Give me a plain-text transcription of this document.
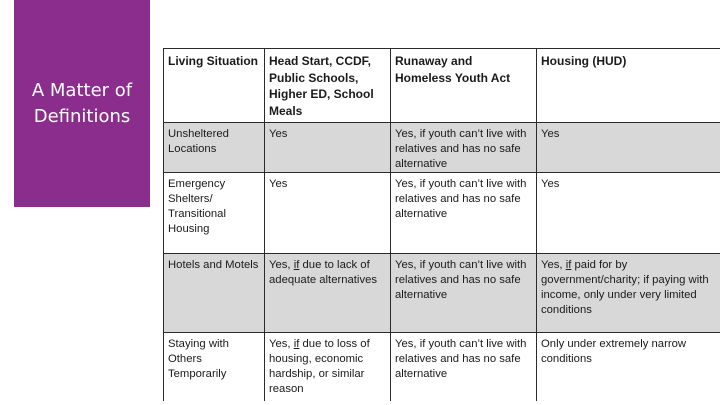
A Matter of
Definitions
Living Situation	Head Start, CCDF, Public Schools, Higher ED, School Meals	Runaway and Homeless Youth Act	Housing (HUD)
Unsheltered Locations	Yes	Yes, if youth can’t live with relatives and has no safe alternative	Yes
Emergency Shelters/ Transitional Housing	Yes	Yes, if youth can’t live with relatives and has no safe alternative	Yes
Hotels and Motels	Yes, if due to lack of adequate alternatives	Yes, if youth can’t live with relatives and has no safe alternative	Yes, if paid for by government/charity; if paying with income, only under very limited conditions
Staying with Others Temporarily	Yes, if due to loss of housing, economic hardship, or similar reason	Yes, if youth can’t live with relatives and has no safe alternative	Only under extremely narrow conditions
